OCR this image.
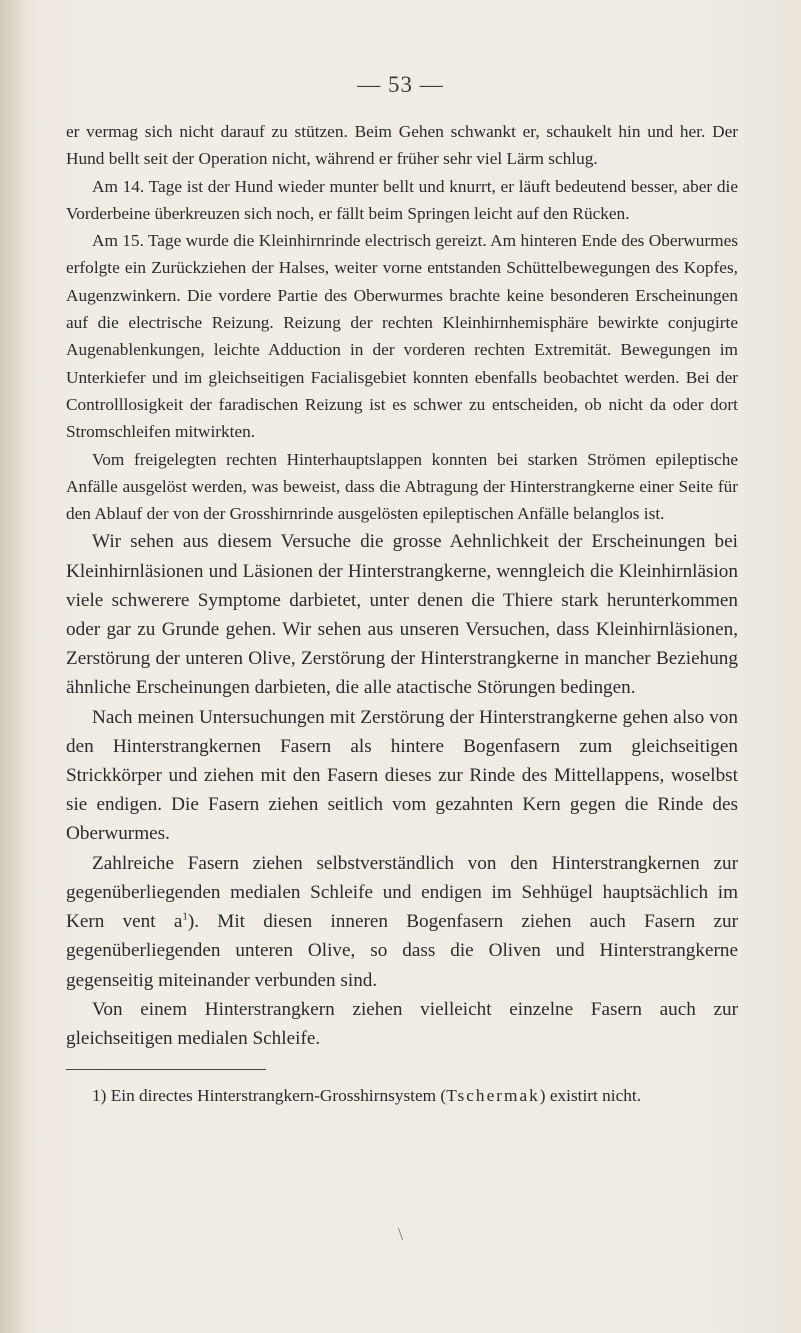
— 53 —

er vermag sich nicht darauf zu stützen. Beim Gehen schwankt er, schaukelt hin und her. Der Hund bellt seit der Operation nicht, während er früher sehr viel Lärm schlug.

Am 14. Tage ist der Hund wieder munter bellt und knurrt, er läuft bedeutend besser, aber die Vorderbeine überkreuzen sich noch, er fällt beim Springen leicht auf den Rücken.

Am 15. Tage wurde die Kleinhirnrinde electrisch gereizt. Am hinteren Ende des Oberwurmes erfolgte ein Zurückziehen der Halses, weiter vorne entstanden Schüttelbewegungen des Kopfes, Augenzwinkern. Die vordere Partie des Oberwurmes brachte keine besonderen Erscheinungen auf die electrische Reizung. Reizung der rechten Kleinhirnhemisphäre bewirkte conjugirte Augenablenkungen, leichte Adduction in der vorderen rechten Extremität. Bewegungen im Unterkiefer und im gleichseitigen Facialisgebiet konnten ebenfalls beobachtet werden. Bei der Controlllosigkeit der faradischen Reizung ist es schwer zu entscheiden, ob nicht da oder dort Stromschleifen mitwirkten.

Vom freigelegten rechten Hinterhauptslappen konnten bei starken Strömen epileptische Anfälle ausgelöst werden, was beweist, dass die Abtragung der Hinterstrangkerne einer Seite für den Ablauf der von der Grosshirnrinde ausgelösten epileptischen Anfälle belanglos ist.

Wir sehen aus diesem Versuche die grosse Aehnlichkeit der Erscheinungen bei Kleinhirnläsionen und Läsionen der Hinterstrangkerne, wenngleich die Kleinhirnläsion viele schwerere Symptome darbietet, unter denen die Thiere stark herunterkommen oder gar zu Grunde gehen. Wir sehen aus unseren Versuchen, dass Kleinhirnläsionen, Zerstörung der unteren Olive, Zerstörung der Hinterstrangkerne in mancher Beziehung ähnliche Erscheinungen darbieten, die alle atactische Störungen bedingen.

Nach meinen Untersuchungen mit Zerstörung der Hinterstrangkerne gehen also von den Hinterstrangkernen Fasern als hintere Bogenfasern zum gleichseitigen Strickkörper und ziehen mit den Fasern dieses zur Rinde des Mittellappens, woselbst sie endigen. Die Fasern ziehen seitlich vom gezahnten Kern gegen die Rinde des Oberwurmes.

Zahlreiche Fasern ziehen selbstverständlich von den Hinterstrangkernen zur gegenüberliegenden medialen Schleife und endigen im Sehhügel hauptsächlich im Kern vent $a^1$). Mit diesen inneren Bogenfasern ziehen auch Fasern zur gegenüberliegenden unteren Olive, so dass die Oliven und Hinterstrangkerne gegenseitig miteinander verbunden sind.

Von einem Hinterstrangkern ziehen vielleicht einzelne Fasern auch zur gleichseitigen medialen Schleife.

1) Ein directes Hinterstrangkern-Grosshirnsystem (Tschermak) existirt nicht.

\
